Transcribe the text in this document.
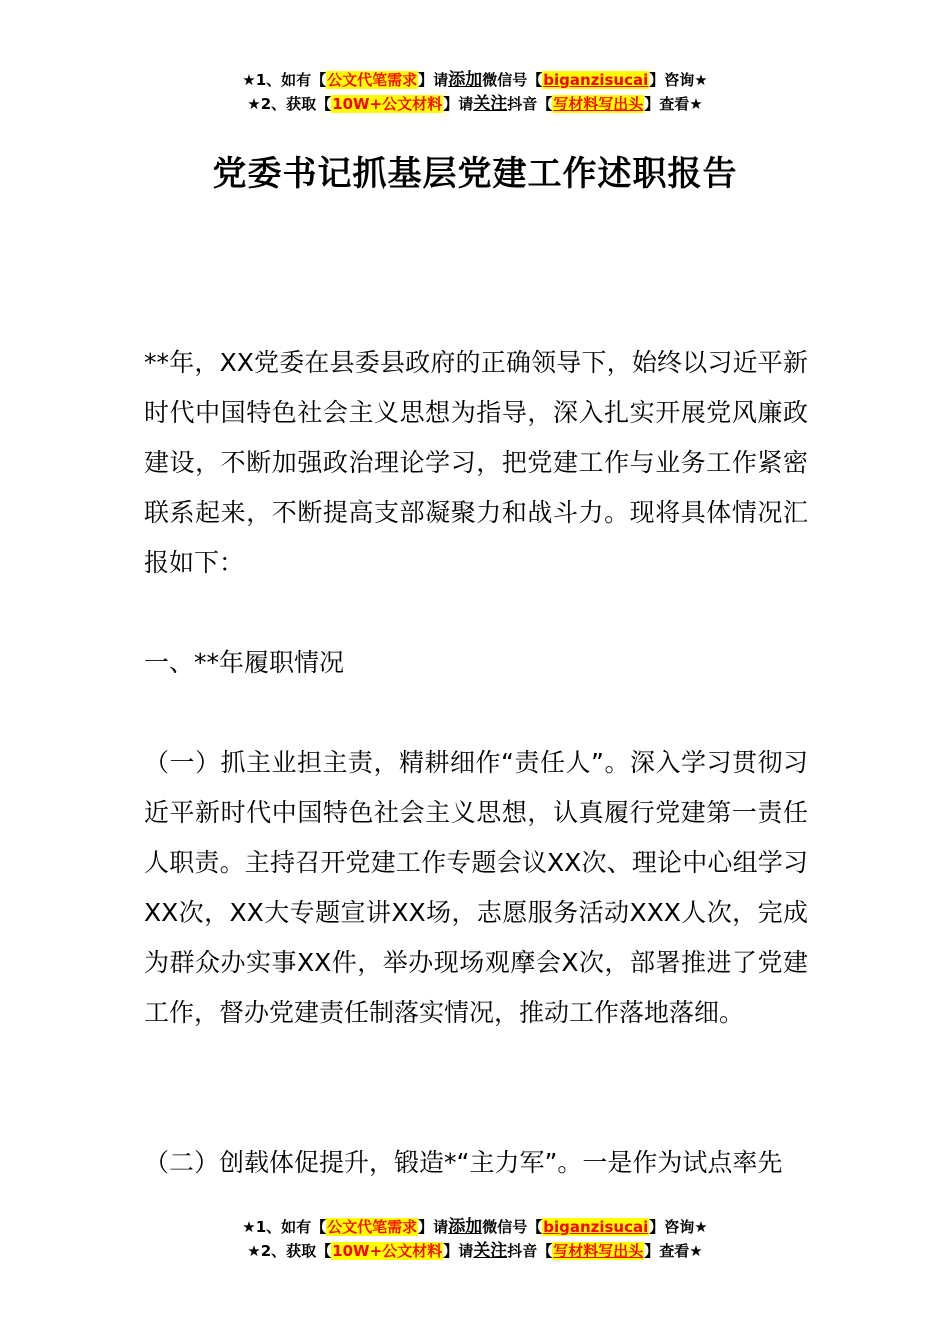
★1、如有【公文代笔需求】请添加微信号【biganzisucai】咨询★
★2、获取【10W+公文材料】请关注抖音【写材料写出头】查看★
党委书记抓基层党建工作述职报告

**年，XX党委在县委县政府的正确领导下，始终以习近平新时代中国特色社会主义思想为指导，深入扎实开展党风廉政建设，不断加强政治理论学习，把党建工作与业务工作紧密联系起来，不断提高支部凝聚力和战斗力。现将具体情况汇报如下：

一、**年履职情况

（一）抓主业担主责，精耕细作“责任人”。深入学习贯彻习近平新时代中国特色社会主义思想，认真履行党建第一责任人职责。主持召开党建工作专题会议XX次、理论中心组学习XX次，XX大专题宣讲XX场，志愿服务活动XXX人次，完成为群众办实事XX件，举办现场观摩会X次，部署推进了党建工作，督办党建责任制落实情况，推动工作落地落细。

（二）创载体促提升，锻造*“主力军”。一是作为试点率先

★1、如有【公文代笔需求】请添加微信号【biganzisucai】咨询★
★2、获取【10W+公文材料】请关注抖音【写材料写出头】查看★
